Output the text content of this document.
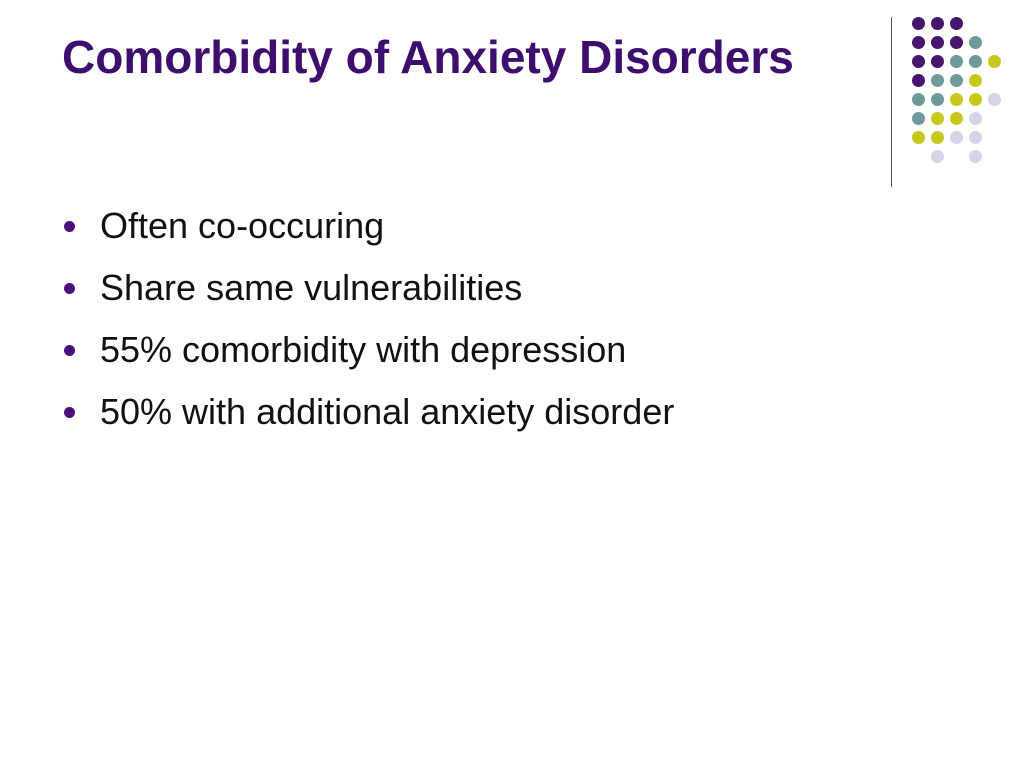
Comorbidity of Anxiety Disorders
Often co-occuring
Share same vulnerabilities
55% comorbidity with depression
50% with additional anxiety disorder
